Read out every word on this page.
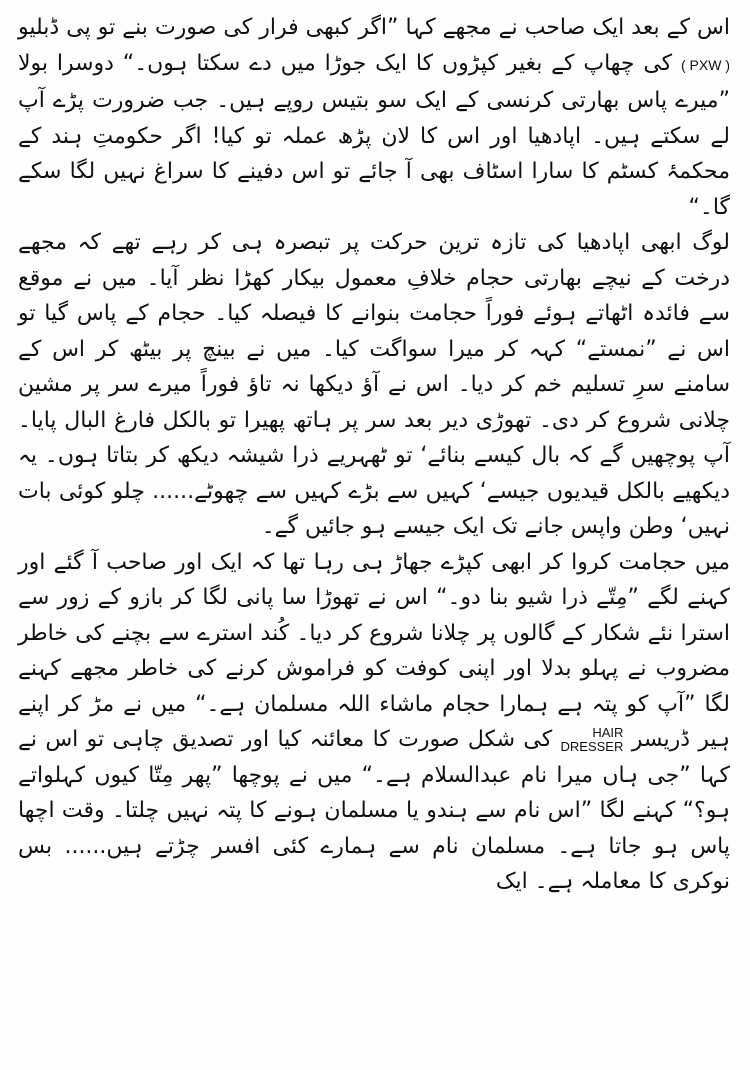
اس کے بعد ایک صاحب نے مجھے کہا ”اگر کبھی فرار کی صورت بنے تو پی ڈبلیو ( PXW ) کی چھاپ کے بغیر کپڑوں کا ایک جوڑا میں دے سکتا ہوں۔“ دوسرا بولا ”میرے پاس بھارتی کرنسی کے ایک سو بتیس روپے ہیں۔ جب ضرورت پڑے آپ لے سکتے ہیں۔ اپادھیا اور اس کا لان پڑھ عملہ تو کیا! اگر حکومتِ ہند کے محکمۂ کسٹم کا سارا اسٹاف بھی آ جائے تو اس دفینے کا سراغ نہیں لگا سکے گا۔“

لوگ ابھی اپادھیا کی تازہ ترین حرکت پر تبصرہ ہی کر رہے تھے کہ مجھے درخت کے نیچے بھارتی حجام خلافِ معمول بیکار کھڑا نظر آیا۔ میں نے موقع سے فائدہ اٹھاتے ہوئے فوراً حجامت بنوانے کا فیصلہ کیا۔ حجام کے پاس گیا تو اس نے ”نمستے“ کہہ کر میرا سواگت کیا۔ میں نے بینچ پر بیٹھ کر اس کے سامنے سرِ تسلیم خم کر دیا۔ اس نے آؤ دیکھا نہ تاؤ فوراً میرے سر پر مشین چلانی شروع کر دی۔ تھوڑی دیر بعد سر پر ہاتھ پھیرا تو بالکل فارغ البال پایا۔ آپ پوچھیں گے کہ بال کیسے بنائے‘ تو ٹھہریے ذرا شیشہ دیکھ کر بتاتا ہوں۔ یہ دیکھیے بالکل قیدیوں جیسے‘ کہیں سے بڑے کہیں سے چھوٹے...... چلو کوئی بات نہیں‘ وطن واپس جانے تک ایک جیسے ہو جائیں گے۔

میں حجامت کروا کر ابھی کپڑے جھاڑ ہی رہا تھا کہ ایک اور صاحب آ گئے اور کہنے لگے ”مِتّے ذرا شیو بنا دو۔“ اس نے تھوڑا سا پانی لگا کر بازو کے زور سے استرا نئے شکار کے گالوں پر چلانا شروع کر دیا۔ کُند استرے سے بچنے کی خاطر مضروب نے پہلو بدلا اور اپنی کوفت کو فراموش کرنے کی خاطر مجھے کہنے لگا ”آپ کو پتہ ہے ہمارا حجام ماشاء اللہ مسلمان ہے۔“ میں نے مڑ کر اپنے ہیر ڈریسر
HAIR
DRESSER
کی شکل صورت کا معائنہ کیا اور تصدیق چاہی تو اس نے کہا ”جی ہاں میرا نام عبدالسلام ہے۔“ میں نے پوچھا ”پھر مِتّا کیوں کہلواتے ہو؟“ کہنے لگا ”اس نام سے ہندو یا مسلمان ہونے کا پتہ نہیں چلتا۔ وقت اچھا پاس ہو جاتا ہے۔ مسلمان نام سے ہمارے کئی افسر چڑتے ہیں...... بس نوکری کا معاملہ ہے۔ ایک
